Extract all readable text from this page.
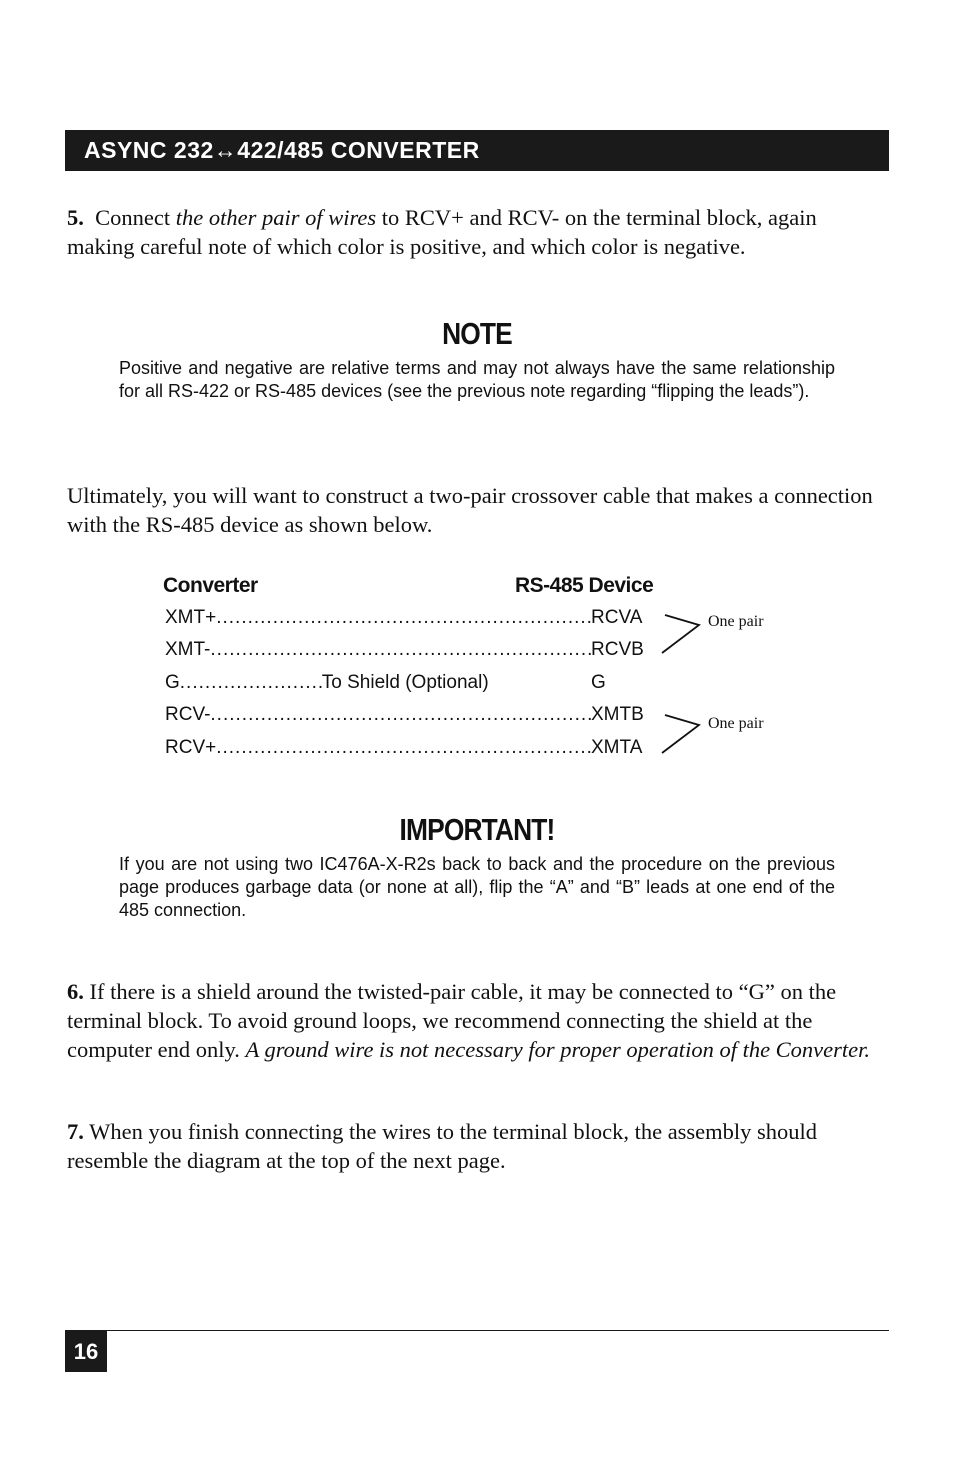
ASYNC 232↔422/485 CONVERTER

5. Connect the other pair of wires to RCV+ and RCV- on the terminal block, again making careful note of which color is positive, and which color is negative.

NOTE

Positive and negative are relative terms and may not always have the same relationship for all RS-422 or RS-485 devices (see the previous note regarding “flipping the leads”).

Ultimately, you will want to construct a two-pair crossover cable that makes a connection with the RS-485 device as shown below.

Converter	RS-485 Device
XMT+ .....	RCVA
XMT- .....	RCVB
G .....	To Shield (Optional)	G
RCV- .....	XMTB
RCV+ .....	XMTA
One pair
One pair
IMPORTANT!

If you are not using two IC476A-X-R2s back to back and the procedure on the previous page produces garbage data (or none at all), flip the “A” and “B” leads at one end of the 485 connection.

6. If there is a shield around the twisted-pair cable, it may be connected to “G” on the terminal block. To avoid ground loops, we recommend connecting the shield at the computer end only. A ground wire is not necessary for proper operation of the Converter.

7. When you finish connecting the wires to the terminal block, the assembly should resemble the diagram at the top of the next page.

16
